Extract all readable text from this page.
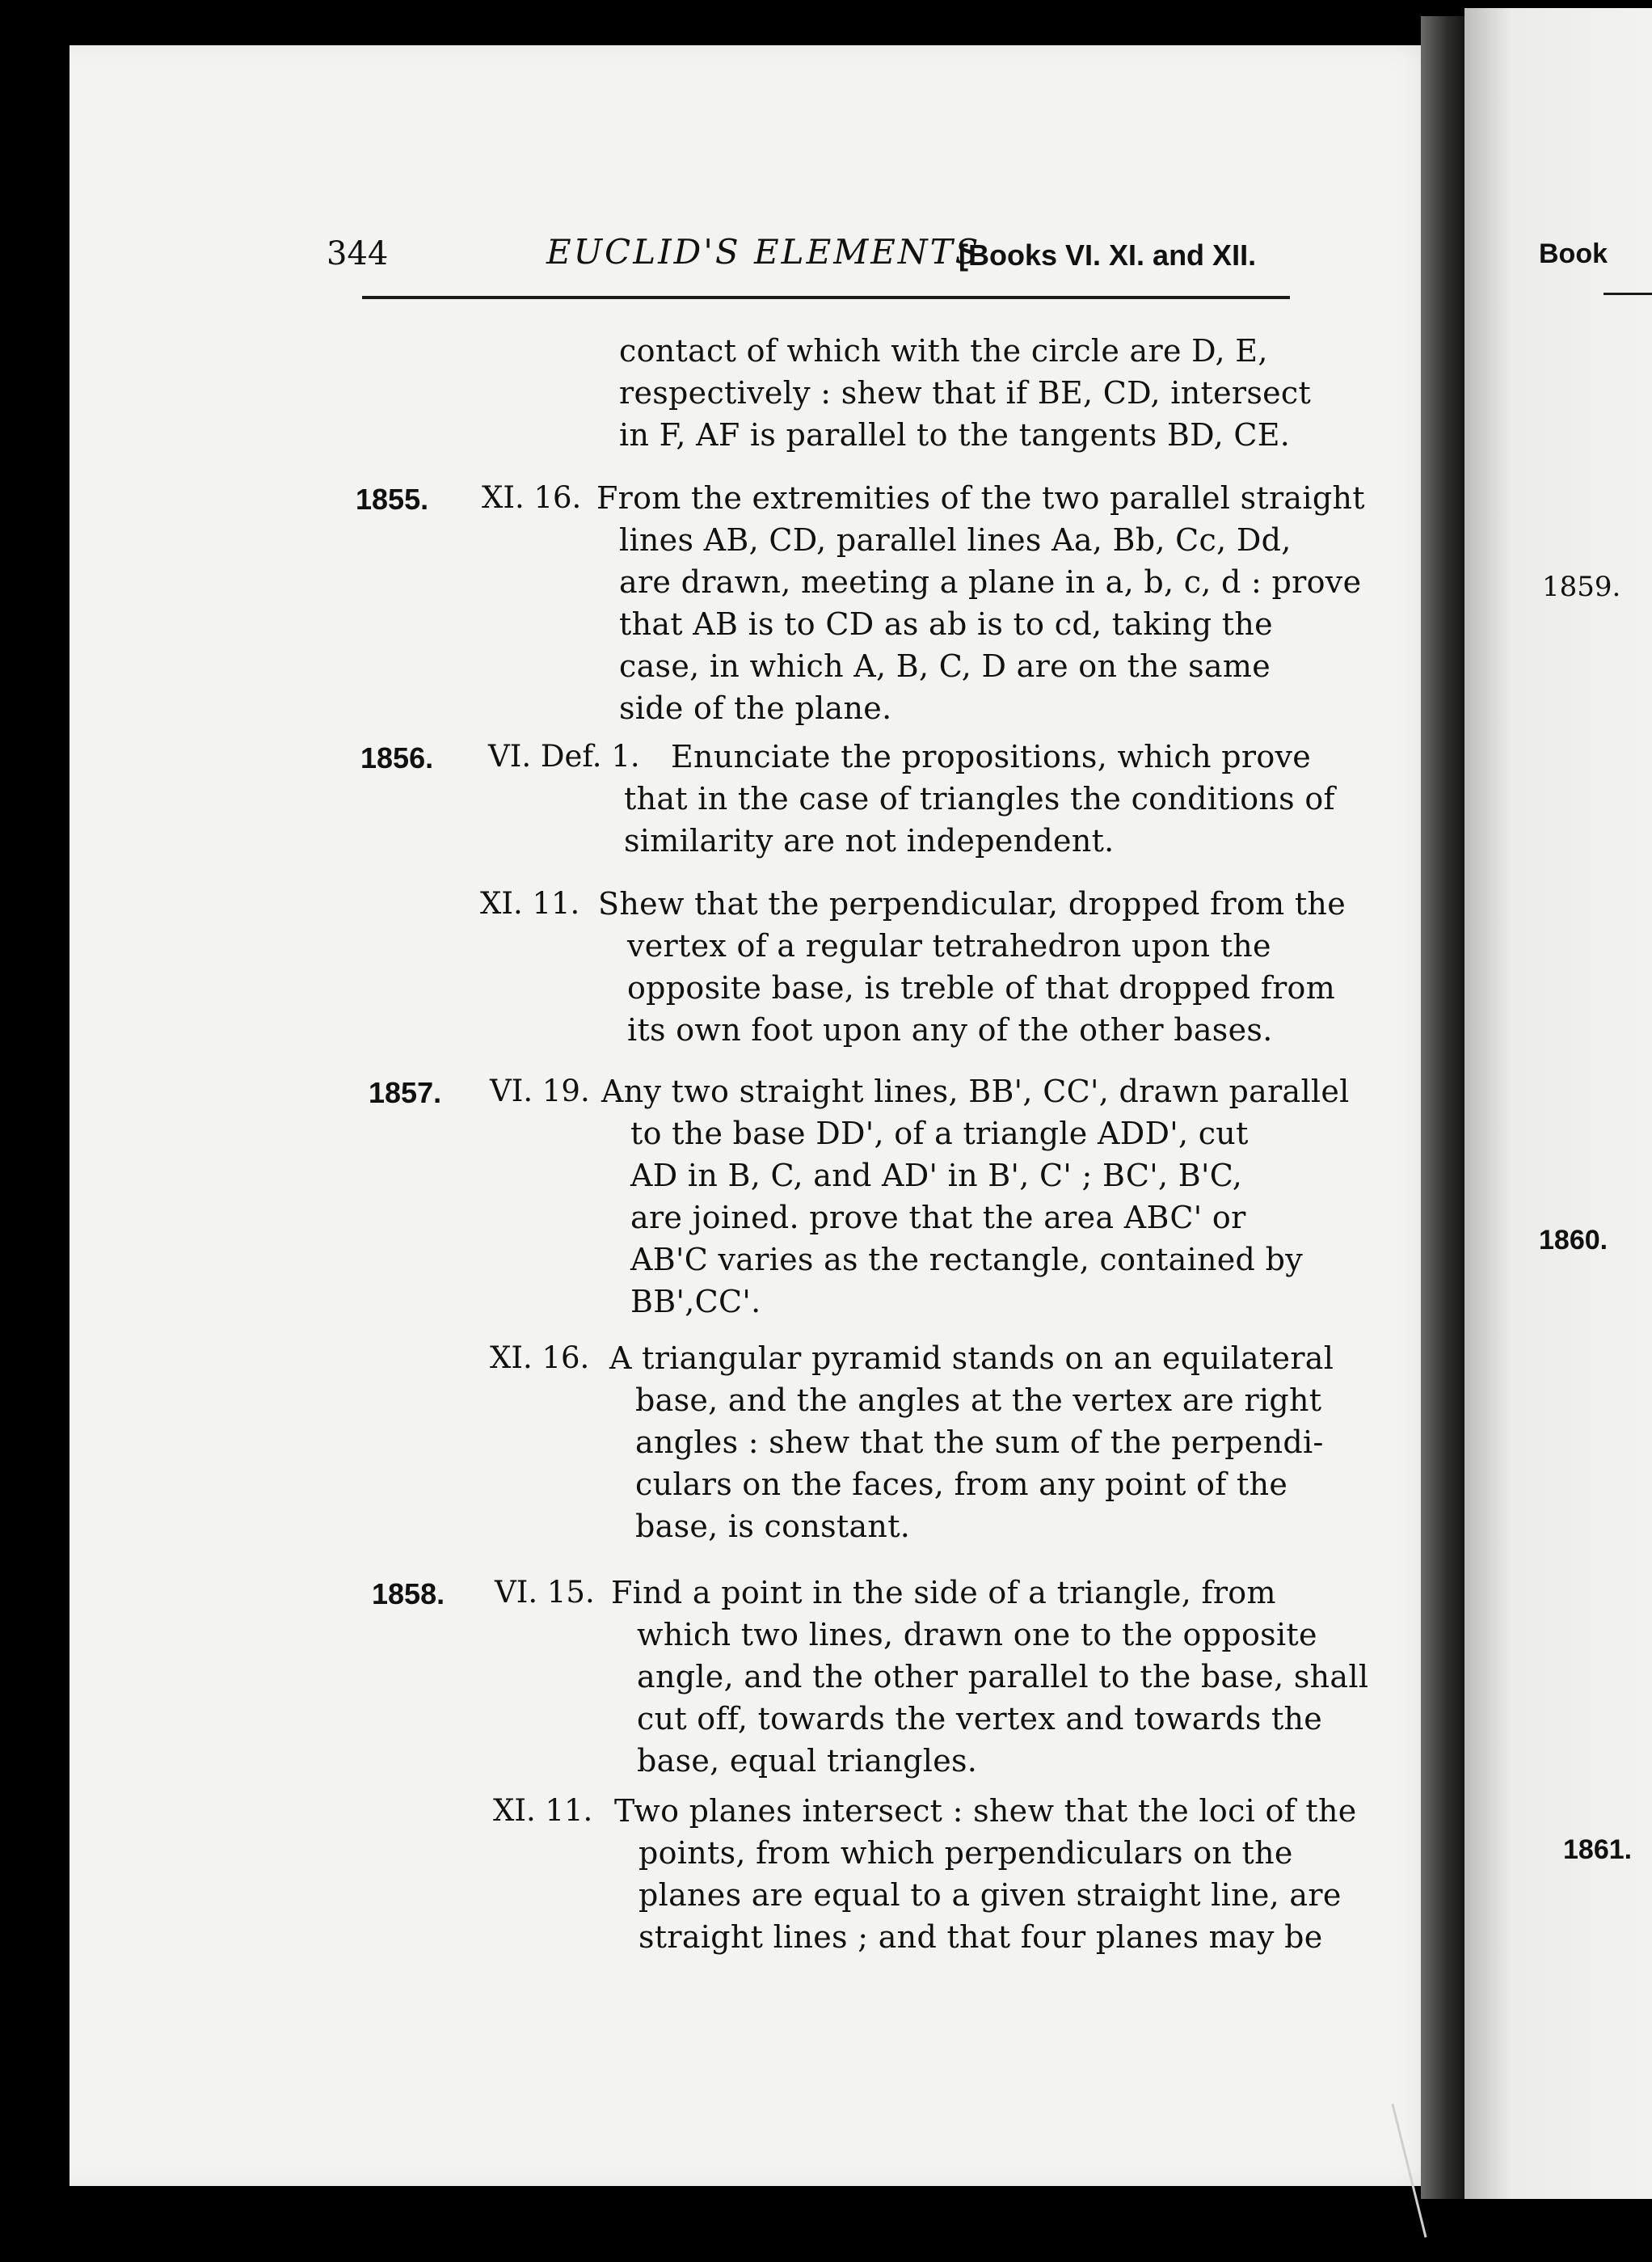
344	EUCLID'S ELEMENTS.
[Books VI. XI. and XII.
contact of which with the circle are D, E,
respectively : shew that if BE, CD, intersect
in F, AF is parallel to the tangents BD, CE.
1855. XI. 16. From the extremities of the two parallel straight
lines AB, CD, parallel lines Aa, Bb, Cc, Dd,
are drawn, meeting a plane in a, b, c, d : prove
that AB is to CD as ab is to cd, taking the
case, in which A, B, C, D are on the same
side of the plane.
1856. VI. Def. 1. Enunciate the propositions, which prove
that in the case of triangles the conditions of
similarity are not independent.
XI. 11. Shew that the perpendicular, dropped from the
vertex of a regular tetrahedron upon the
opposite base, is treble of that dropped from
its own foot upon any of the other bases.
1857. VI. 19. Any two straight lines, BB', CC', drawn parallel
to the base DD', of a triangle ADD', cut
AD in B, C, and AD' in B', C' ; BC', B'C,
are joined. prove that the area ABC' or
AB'C varies as the rectangle, contained by
BB',CC'.
XI. 16. A triangular pyramid stands on an equilateral
base, and the angles at the vertex are right
angles : shew that the sum of the perpendi-
culars on the faces, from any point of the
base, is constant.
1858. VI. 15. Find a point in the side of a triangle, from
which two lines, drawn one to the opposite
angle, and the other parallel to the base, shall
cut off, towards the vertex and towards the
base, equal triangles.
XI. 11. Two planes intersect : shew that the loci of the
points, from which perpendiculars on the
planes are equal to a given straight line, are
straight lines ; and that four planes may be
Book
1859.
1860.
1861.
